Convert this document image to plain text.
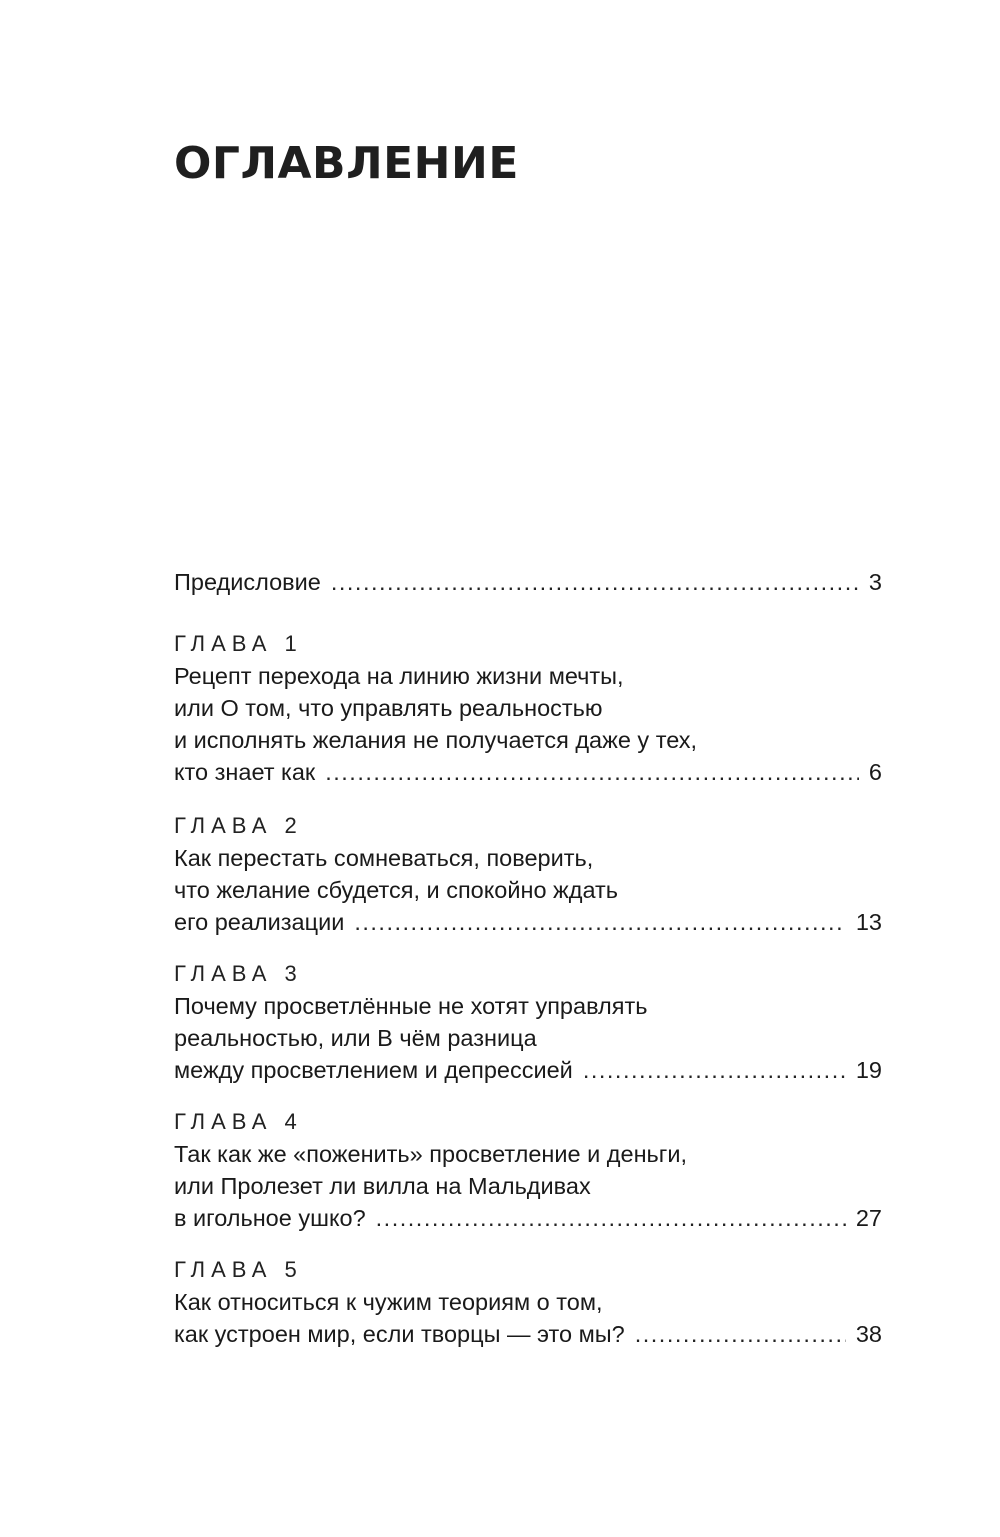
ОГЛАВЛЕНИЕ
Предисловие .....	3
ГЛАВА 1
Рецепт перехода на линию жизни мечты,
или О том, что управлять реальностью
и исполнять желания не получается даже у тех,
кто знает как .....	6
ГЛАВА 2
Как перестать сомневаться, поверить,
что желание сбудется, и спокойно ждать
его реализации .....	13
ГЛАВА 3
Почему просветлённые не хотят управлять
реальностью, или В чём разница
между просветлением и депрессией .....	19
ГЛАВА 4
Так как же «поженить» просветление и деньги,
или Пролезет ли вилла на Мальдивах
в игольное ушко? .....	27
ГЛАВА 5
Как относиться к чужим теориям о том,
как устроен мир, если творцы — это мы? .....	38
